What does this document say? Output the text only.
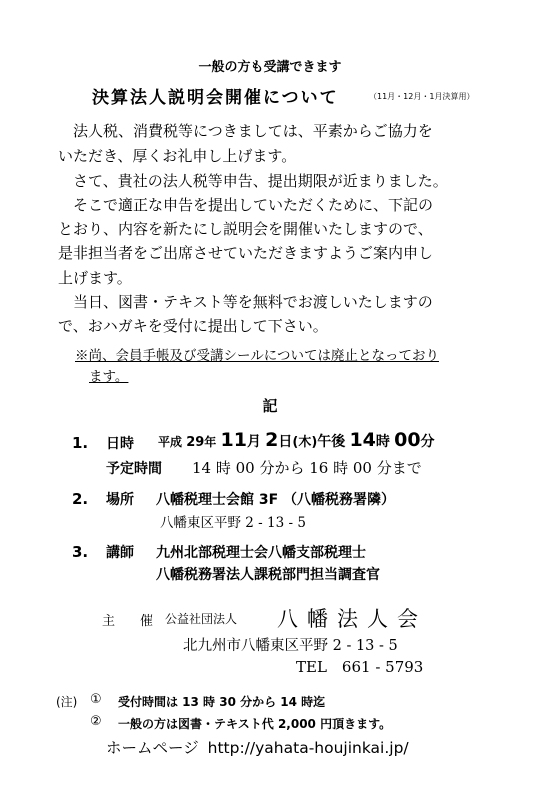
一般の方も受講できます
決算法人説明会開催について	（11月・12月・1月決算用）
　法人税、消費税等につきましては、平素からご協力を
いただき、厚くお礼申し上げます。
　さて、貴社の法人税等申告、提出期限が近まりました。
　そこで適正な申告を提出していただくために、下記の
とおり、内容を新たにし説明会を開催いたしますので、
是非担当者をご出席させていただきますようご案内申し
上げます。
　当日、図書・テキスト等を無料でお渡しいたしますの
で、おハガキを受付に提出して下さい。
※尚、会員手帳及び受講シールについては廃止となっており
ます。
記
1. 日時 平成 29年 11月 2日(木)午後 14時 00分
予定時間 14 時 00 分から 16 時 00 分まで
2. 場所 八幡税理士会館 3F （八幡税務署隣）
八幡東区平野 2 - 13 - 5
3. 講師 九州北部税理士会八幡支部税理士
八幡税務署法人課税部門担当調査官
主　催 公益社団法人 八幡法人会
北九州市八幡東区平野 2 - 13 - 5
TEL　661 - 5793
(注) ① 受付時間は 13 時 30 分から 14 時迄
② 一般の方は図書・テキスト代 2,000 円頂きます。
ホームページ http://yahata-houjinkai.jp/
